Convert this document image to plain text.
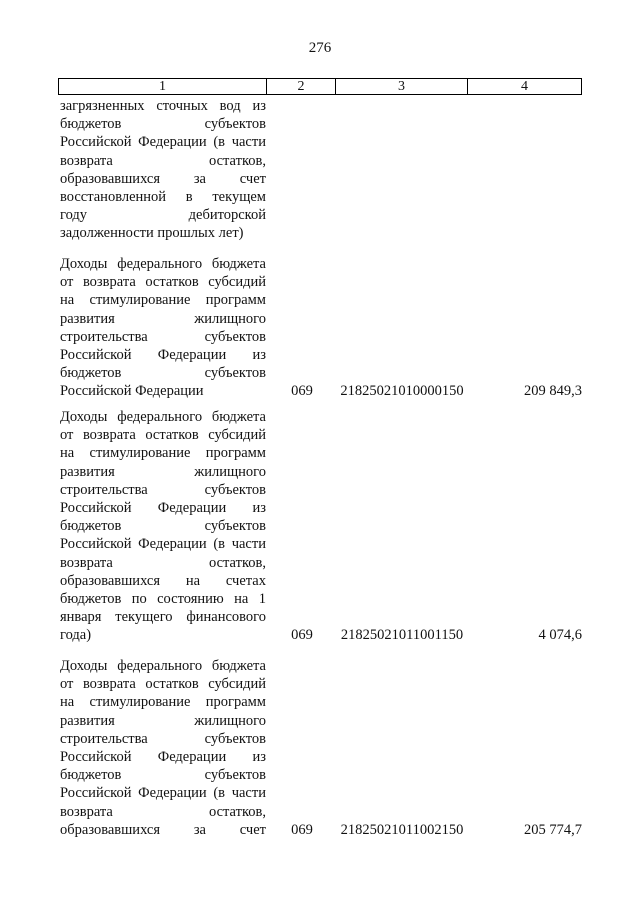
276
1	2	3	4
загрязненных сточных вод из
бюджетов	субъектов
Российской Федерации (в части
возврата	остатков,
образовавшихся за счет
восстановленной в текущем
году	дебиторской
задолженности прошлых лет)
Доходы федерального бюджета
от возврата остатков субсидий
на стимулирование программ
развития	жилищного
строительства	субъектов
Российской Федерации из
бюджетов	субъектов
Российской Федерации	069	21825021010000150	209 849,3
Доходы федерального бюджета
от возврата остатков субсидий
на стимулирование программ
развития	жилищного
строительства	субъектов
Российской Федерации из
бюджетов	субъектов
Российской Федерации (в части
возврата	остатков,
образовавшихся на счетах
бюджетов по состоянию на 1
января текущего финансового
года)	069	21825021011001150	4 074,6
Доходы федерального бюджета
от возврата остатков субсидий
на стимулирование программ
развития	жилищного
строительства	субъектов
Российской Федерации из
бюджетов	субъектов
Российской Федерации (в части
возврата	остатков,
образовавшихся за счет	069	21825021011002150	205 774,7
